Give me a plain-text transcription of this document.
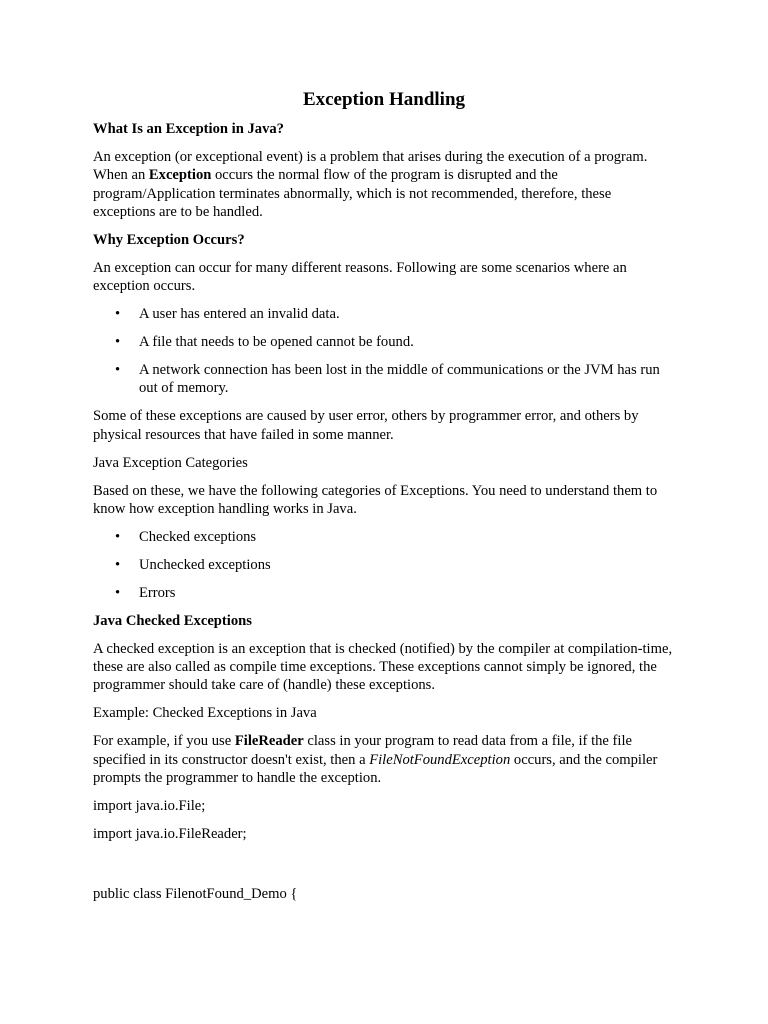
Exception Handling

What Is an Exception in Java?

An exception (or exceptional event) is a problem that arises during the execution of a program. When an Exception occurs the normal flow of the program is disrupted and the program/Application terminates abnormally, which is not recommended, therefore, these exceptions are to be handled.

Why Exception Occurs?

An exception can occur for many different reasons. Following are some scenarios where an exception occurs.

• A user has entered an invalid data.
• A file that needs to be opened cannot be found.
• A network connection has been lost in the middle of communications or the JVM has run out of memory.

Some of these exceptions are caused by user error, others by programmer error, and others by physical resources that have failed in some manner.

Java Exception Categories

Based on these, we have the following categories of Exceptions. You need to understand them to know how exception handling works in Java.

• Checked exceptions
• Unchecked exceptions
• Errors

Java Checked Exceptions

A checked exception is an exception that is checked (notified) by the compiler at compilation-time, these are also called as compile time exceptions. These exceptions cannot simply be ignored, the programmer should take care of (handle) these exceptions.

Example: Checked Exceptions in Java

For example, if you use FileReader class in your program to read data from a file, if the file specified in its constructor doesn't exist, then a FileNotFoundException occurs, and the compiler prompts the programmer to handle the exception.

import java.io.File;

import java.io.FileReader;

public class FilenotFound_Demo {
